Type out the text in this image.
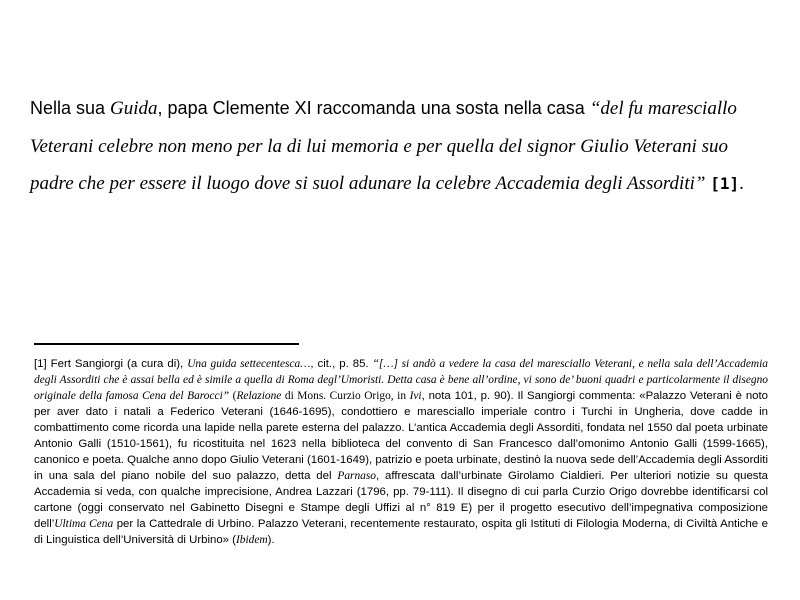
Nella sua Guida, papa Clemente XI raccomanda una sosta nella casa “del fu maresciallo Veterani celebre non meno per la di lui memoria e per quella del signor Giulio Veterani suo padre che per essere il luogo dove si suol adunare la celebre Accademia degli Assorditi” [1].

[1] Fert Sangiorgi (a cura di), Una guida settecentesca…, cit., p. 85. “[…] si andò a vedere la casa del maresciallo Veterani, e nella sala dell’Accademia degli Assorditi che è assai bella ed è simile a quella di Roma degl’Umoristi. Detta casa è bene all’ordine, vi sono de’ buoni quadri e particolarmente il disegno originale della famosa Cena del Barocci” (Relazione di Mons. Curzio Origo, in Ivi, nota 101, p. 90). Il Sangiorgi commenta: «Palazzo Veterani è noto per aver dato i natali a Federico Veterani (1646-1695), condottiero e maresciallo imperiale contro i Turchi in Ungheria, dove cadde in combattimento come ricorda una lapide nella parete esterna del palazzo. L’antica Accademia degli Assorditi, fondata nel 1550 dal poeta urbinate Antonio Galli (1510-1561), fu ricostituita nel 1623 nella biblioteca del convento di San Francesco dall’omonimo Antonio Galli (1599-1665), canonico e poeta. Qualche anno dopo Giulio Veterani (1601-1649), patrizio e poeta urbinate, destinò la nuova sede dell’Accademia degli Assorditi in una sala del piano nobile del suo palazzo, detta del Parnaso, affrescata dall’urbinate Girolamo Cialdieri. Per ulteriori notizie su questa Accademia si veda, con qualche imprecisione, Andrea Lazzari (1796, pp. 79-111). Il disegno di cui parla Curzio Origo dovrebbe identificarsi col cartone (oggi conservato nel Gabinetto Disegni e Stampe degli Uffizi al n° 819 E) per il progetto esecutivo dell’impegnativa composizione dell’Ultima Cena per la Cattedrale di Urbino. Palazzo Veterani, recentemente restaurato, ospita gli Istituti di Filologia Moderna, di Civiltà Antiche e di Linguistica dell’Università di Urbino» (Ibidem).
